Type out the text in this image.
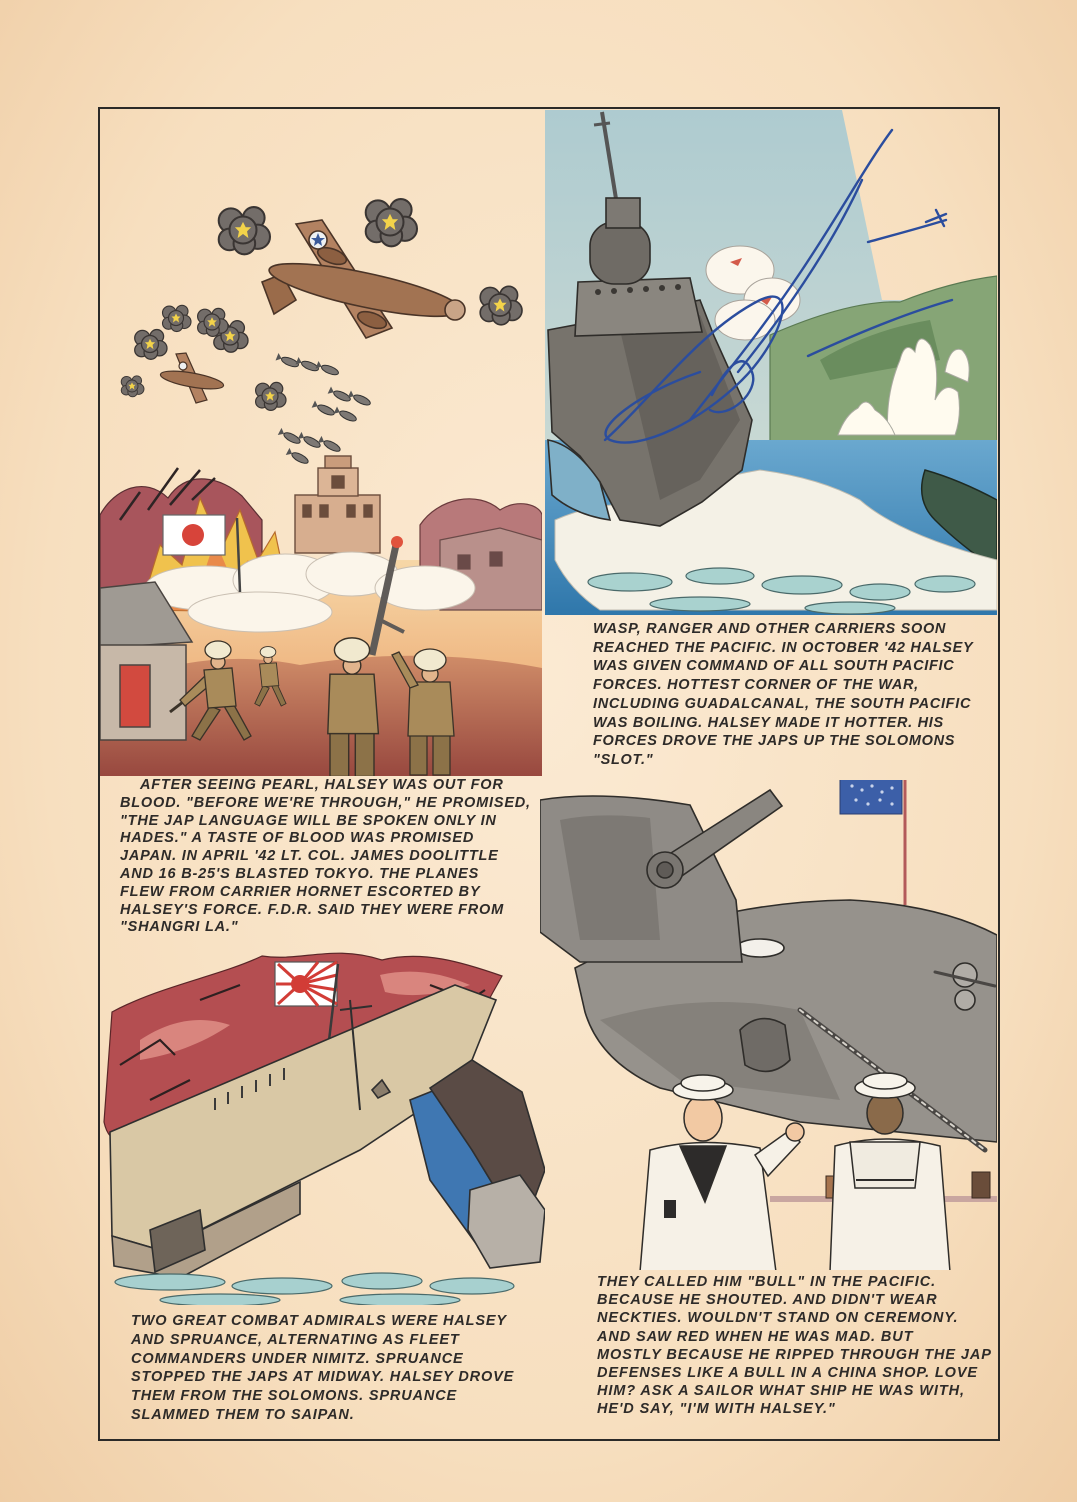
AFTER SEEING PEARL, HALSEY WAS OUT FOR
BLOOD. "BEFORE WE'RE THROUGH," HE PROMISED,
"THE JAP LANGUAGE WILL BE SPOKEN ONLY IN
HADES." A TASTE OF BLOOD WAS PROMISED
JAPAN. IN APRIL '42 LT. COL. JAMES DOOLITTLE
AND 16 B-25'S BLASTED TOKYO. THE PLANES
FLEW FROM CARRIER HORNET ESCORTED BY
HALSEY'S FORCE. F.D.R. SAID THEY WERE FROM
"SHANGRI LA."
WASP, RANGER AND OTHER CARRIERS SOON
REACHED THE PACIFIC. IN OCTOBER '42 HALSEY
WAS GIVEN COMMAND OF ALL SOUTH PACIFIC
FORCES. HOTTEST CORNER OF THE WAR,
INCLUDING GUADALCANAL, THE SOUTH PACIFIC
WAS BOILING. HALSEY MADE IT HOTTER. HIS
FORCES DROVE THE JAPS UP THE SOLOMONS
"SLOT."
TWO GREAT COMBAT ADMIRALS WERE HALSEY
AND SPRUANCE, ALTERNATING AS FLEET
COMMANDERS UNDER NIMITZ. SPRUANCE
STOPPED THE JAPS AT MIDWAY. HALSEY DROVE
THEM FROM THE SOLOMONS. SPRUANCE
SLAMMED THEM TO SAIPAN.
THEY CALLED HIM "BULL" IN THE PACIFIC.
BECAUSE HE SHOUTED. AND DIDN'T WEAR
NECKTIES. WOULDN'T STAND ON CEREMONY.
AND SAW RED WHEN HE WAS MAD. BUT
MOSTLY BECAUSE HE RIPPED THROUGH THE JAP
DEFENSES LIKE A BULL IN A CHINA SHOP. LOVE
HIM? ASK A SAILOR WHAT SHIP HE WAS WITH,
HE'D SAY, "I'M WITH HALSEY."
